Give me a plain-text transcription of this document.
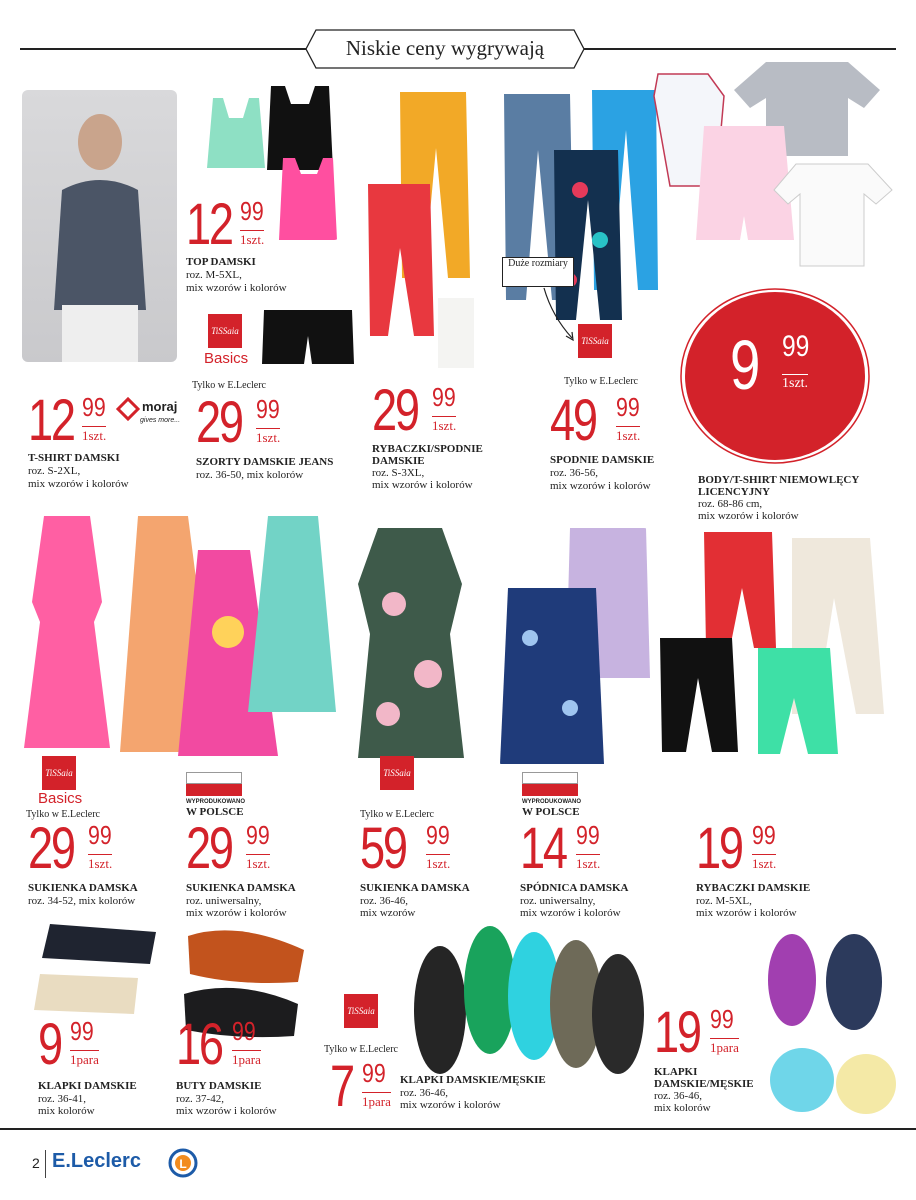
Niskie ceny wygrywają
Duże rozmiary
moraj
gives more...
TiSSaia
Basics
Tylko w E.Leclerc
TiSSaia
Tylko w E.Leclerc
TiSSaia
Basics
Tylko w E.Leclerc
TiSSaia
Tylko w E.Leclerc
TiSSaia
Tylko w E.Leclerc
WYPRODUKOWANO
W POLSCE
WYPRODUKOWANO
W POLSCE
9 99
1szt.
12 99
1szt.
T-SHIRT DAMSKI
roz. S-2XL,
mix wzorów i kolorów
12 99
1szt.
TOP DAMSKI
roz. M-5XL,
mix wzorów i kolorów
29 99
1szt.
SZORTY DAMSKIE JEANS
roz. 36-50, mix kolorów
29 99
1szt.
RYBACZKI/SPODNIE
DAMSKIE
roz. S-3XL,
mix wzorów i kolorów
49 99
1szt.
SPODNIE DAMSKIE
roz. 36-56,
mix wzorów i kolorów	BODY/T-SHIRT NIEMOWLĘCY
LICENCYJNY
roz. 68-86 cm,
mix wzorów i kolorów
29 99
1szt.
SUKIENKA DAMSKA
roz. 34-52, mix kolorów
29 99
1szt.
SUKIENKA DAMSKA
roz. uniwersalny,
mix wzorów i kolorów
59 99
1szt.
SUKIENKA DAMSKA
roz. 36-46,
mix wzorów
14 99
1szt.
SPÓDNICA DAMSKA
roz. uniwersalny,
mix wzorów i kolorów
19 99
1szt.
RYBACZKI DAMSKIE
roz. M-5XL,
mix wzorów i kolorów
9 99
1para
KLAPKI DAMSKIE
roz. 36-41,
mix kolorów
16 99
1para
BUTY DAMSKIE
roz. 37-42,
mix wzorów i kolorów 7 99
1para
KLAPKI DAMSKIE/MĘSKIE
roz. 36-46,
mix wzorów i kolorów
19 99
1para
KLAPKI
DAMSKIE/MĘSKIE
roz. 36-46,
mix kolorów
2 E.Leclerc	L
